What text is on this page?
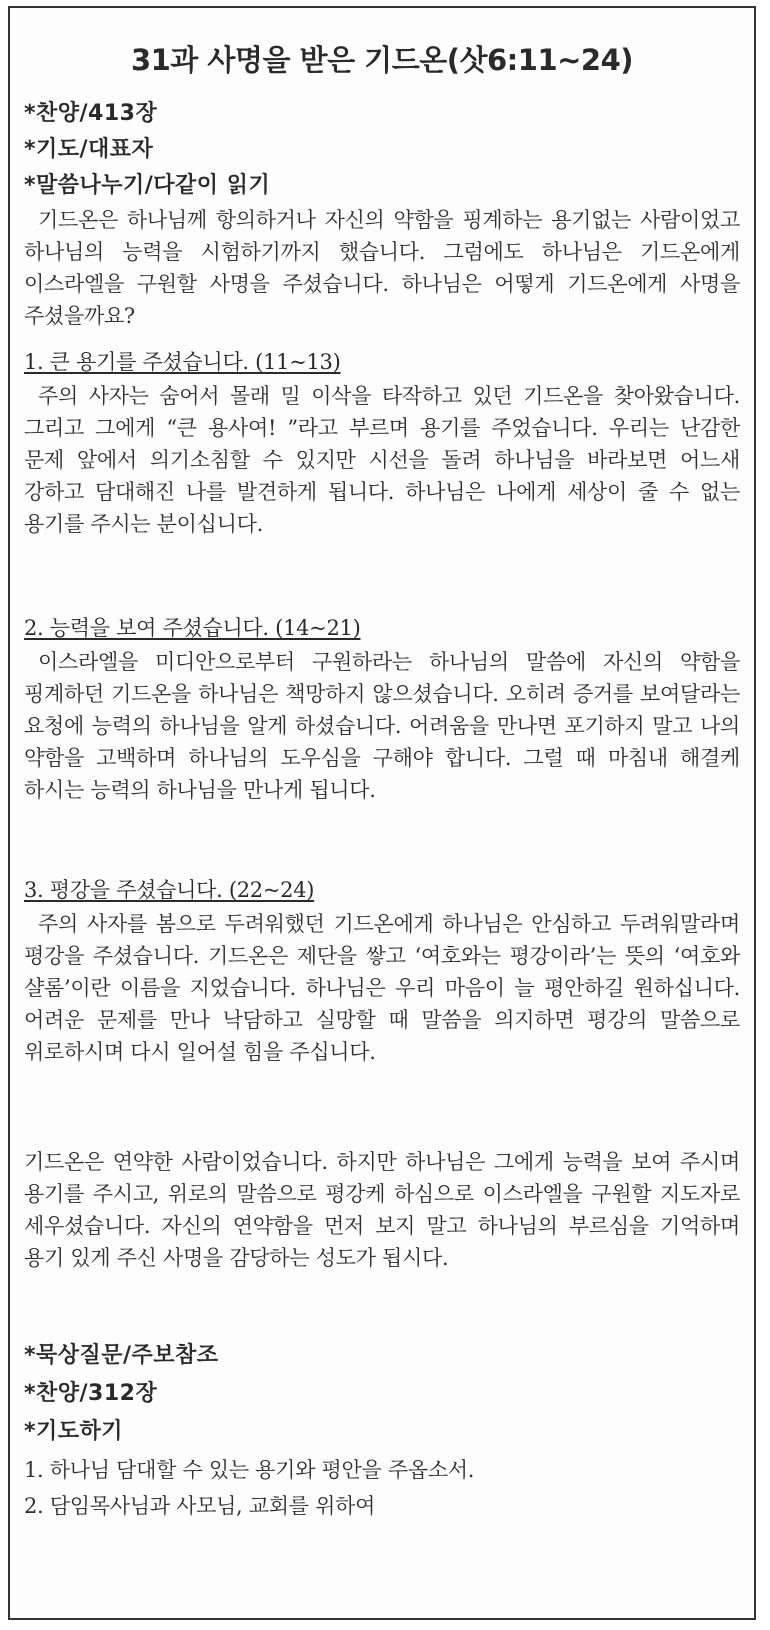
31과 사명을 받은 기드온(삿6:11~24)
*찬양/413장
*기도/대표자
*말씀나누기/다같이 읽기
기드온은 하나님께 항의하거나 자신의 약함을 핑계하는 용기없는 사람이었고 하나님의 능력을 시험하기까지 했습니다. 그럼에도 하나님은 기드온에게 이스라엘을 구원할 사명을 주셨습니다. 하나님은 어떻게 기드온에게 사명을 주셨을까요?
1. 큰 용기를 주셨습니다. (11~13)
주의 사자는 숨어서 몰래 밀 이삭을 타작하고 있던 기드온을 찾아왔습니다. 그리고 그에게 “큰 용사여! ”라고 부르며 용기를 주었습니다. 우리는 난감한 문제 앞에서 의기소침할 수 있지만 시선을 돌려 하나님을 바라보면 어느새 강하고 담대해진 나를 발견하게 됩니다. 하나님은 나에게 세상이 줄 수 없는 용기를 주시는 분이십니다.
2. 능력을 보여 주셨습니다. (14~21)
이스라엘을 미디안으로부터 구원하라는 하나님의 말씀에 자신의 약함을 핑계하던 기드온을 하나님은 책망하지 않으셨습니다. 오히려 증거를 보여달라는 요청에 능력의 하나님을 알게 하셨습니다. 어려움을 만나면 포기하지 말고 나의 약함을 고백하며 하나님의 도우심을 구해야 합니다. 그럴 때 마침내 해결케 하시는 능력의 하나님을 만나게 됩니다.
3. 평강을 주셨습니다. (22~24)
주의 사자를 봄으로 두려워했던 기드온에게 하나님은 안심하고 두려워말라며 평강을 주셨습니다. 기드온은 제단을 쌓고 ‘여호와는 평강이라’는 뜻의 ‘여호와 샬롬’이란 이름을 지었습니다. 하나님은 우리 마음이 늘 평안하길 원하십니다. 어려운 문제를 만나 낙담하고 실망할 때 말씀을 의지하면 평강의 말씀으로 위로하시며 다시 일어설 힘을 주십니다.
기드온은 연약한 사람이었습니다. 하지만 하나님은 그에게 능력을 보여 주시며 용기를 주시고, 위로의 말씀으로 평강케 하심으로 이스라엘을 구원할 지도자로 세우셨습니다. 자신의 연약함을 먼저 보지 말고 하나님의 부르심을 기억하며 용기 있게 주신 사명을 감당하는 성도가 됩시다.
*묵상질문/주보참조
*찬양/312장
*기도하기
1. 하나님 담대할 수 있는 용기와 평안을 주옵소서.
2. 담임목사님과 사모님, 교회를 위하여
